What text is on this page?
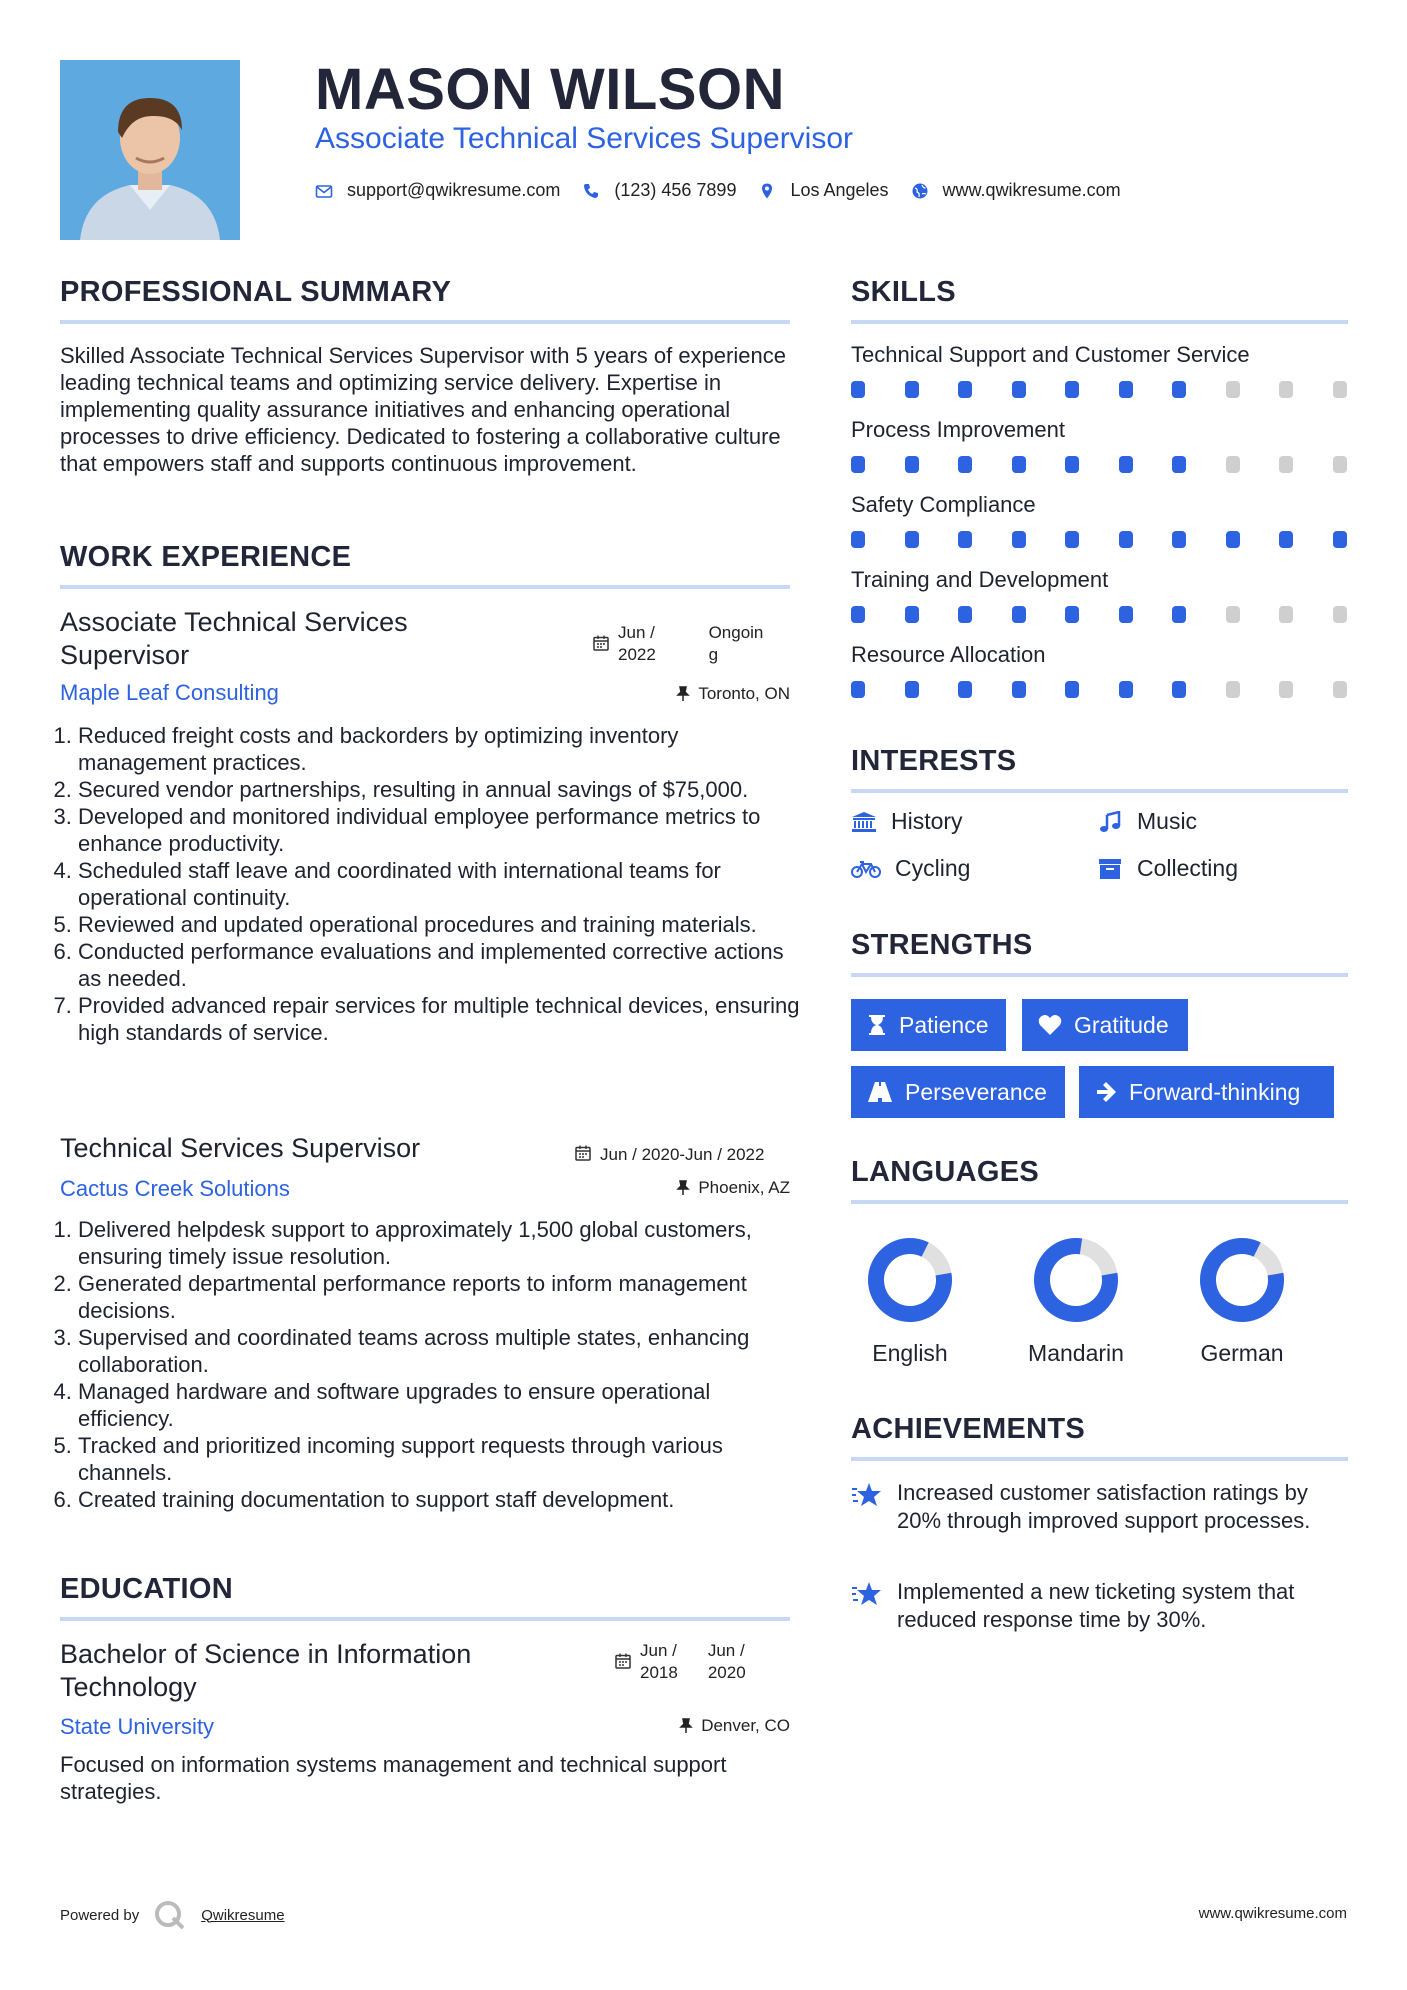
MASON WILSON
Associate Technical Services Supervisor
support@qwikresume.com	(123) 456 7899	Los Angeles	www.qwikresume.com
PROFESSIONAL SUMMARY
Skilled Associate Technical Services Supervisor with 5 years of experience leading technical teams and optimizing service delivery. Expertise in implementing quality assurance initiatives and enhancing operational processes to drive efficiency. Dedicated to fostering a collaborative culture that empowers staff and supports continuous improvement.
WORK EXPERIENCE
Associate Technical Services Supervisor
Jun /
2022

Ongoin
g
Maple Leaf Consulting	Toronto, ON
1. Reduced freight costs and backorders by optimizing inventory management practices.
2. Secured vendor partnerships, resulting in annual savings of $75,000.
3. Developed and monitored individual employee performance metrics to enhance productivity.
4. Scheduled staff leave and coordinated with international teams for operational continuity.
5. Reviewed and updated operational procedures and training materials.
6. Conducted performance evaluations and implemented corrective actions as needed.
7. Provided advanced repair services for multiple technical devices, ensuring high standards of service.
Technical Services Supervisor	Jun / 2020-Jun / 2022
Cactus Creek Solutions	Phoenix, AZ
1. Delivered helpdesk support to approximately 1,500 global customers, ensuring timely issue resolution.
2. Generated departmental performance reports to inform management decisions.
3. Supervised and coordinated teams across multiple states, enhancing collaboration.
4. Managed hardware and software upgrades to ensure operational efficiency.
5. Tracked and prioritized incoming support requests through various channels.
6. Created training documentation to support staff development.
EDUCATION
Bachelor of Science in Information Technology
Jun /
2018
Jun /
2020
State University	Denver, CO
Focused on information systems management and technical support strategies.
SKILLS
Technical Support and Customer Service
Process Improvement
Safety Compliance
Training and Development
Resource Allocation
INTERESTS
History	Music
Cycling	Collecting
STRENGTHS
Patience	Gratitude
Perseverance	Forward-thinking
LANGUAGES
English	Mandarin	German
ACHIEVEMENTS
Increased customer satisfaction ratings by 20% through improved support processes.
Implemented a new ticketing system that reduced response time by 30%.
Powered by	Qwikresume	www.qwikresume.com
